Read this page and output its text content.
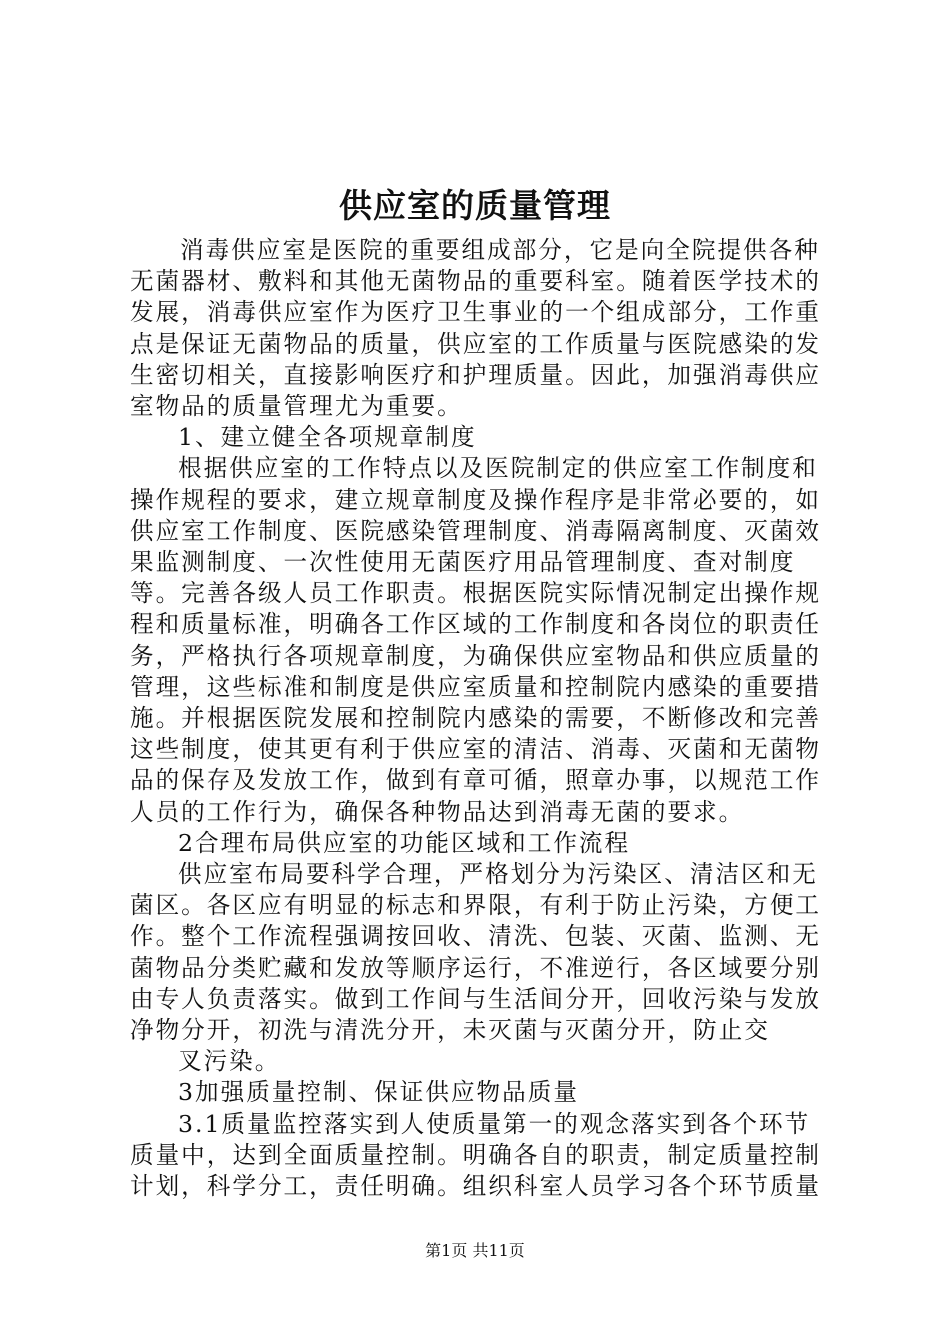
供应室的质量管理

消毒供应室是医院的重要组成部分，它是向全院提供各种无菌器材、敷料和其他无菌物品的重要科室。随着医学技术的发展，消毒供应室作为医疗卫生事业的一个组成部分，工作重点是保证无菌物品的质量，供应室的工作质量与医院感染的发生密切相关，直接影响医疗和护理质量。因此，加强消毒供应室物品的质量管理尤为重要。

1、建立健全各项规章制度

根据供应室的工作特点以及医院制定的供应室工作制度和操作规程的要求，建立规章制度及操作程序是非常必要的，如供应室工作制度、医院感染管理制度、消毒隔离制度、灭菌效果监测制度、一次性使用无菌医疗用品管理制度、查对制度等。完善各级人员工作职责。根据医院实际情况制定出操作规程和质量标准，明确各工作区域的工作制度和各岗位的职责任务，严格执行各项规章制度，为确保供应室物品和供应质量的管理，这些标准和制度是供应室质量和控制院内感染的重要措施。并根据医院发展和控制院内感染的需要，不断修改和完善这些制度，使其更有利于供应室的清洁、消毒、灭菌和无菌物品的保存及发放工作，做到有章可循，照章办事，以规范工作人员的工作行为，确保各种物品达到消毒无菌的要求。

2合理布局供应室的功能区域和工作流程

供应室布局要科学合理，严格划分为污染区、清洁区和无菌区。各区应有明显的标志和界限，有利于防止污染，方便工作。整个工作流程强调按回收、清洗、包装、灭菌、监测、无菌物品分类贮藏和发放等顺序运行，不准逆行，各区域要分别由专人负责落实。做到工作间与生活间分开，回收污染与发放净物分开，初洗与清洗分开，未灭菌与灭菌分开，防止交

叉污染。

3加强质量控制、保证供应物品质量

3.1质量监控落实到人使质量第一的观念落实到各个环节质量中，达到全面质量控制。明确各自的职责，制定质量控制计划，科学分工，责任明确。组织科室人员学习各个环节质量

第1页 共11页
